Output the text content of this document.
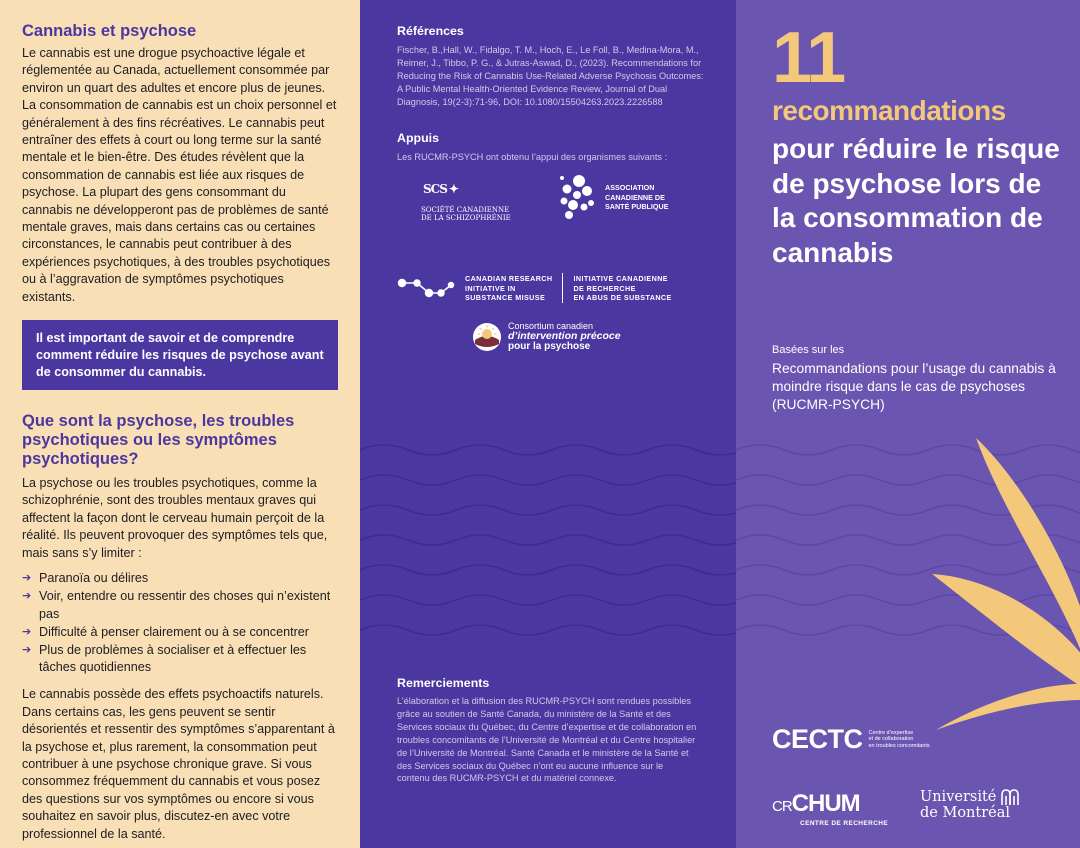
Cannabis et psychose

Le cannabis est une drogue psychoactive légale et réglementée au Canada, actuellement consommée par environ un quart des adultes et encore plus de jeunes. La consommation de cannabis est un choix personnel et généralement à des fins récréatives. Le cannabis peut entraîner des effets à court ou long terme sur la santé mentale et le bien-être. Des études révèlent que la consommation de cannabis est liée aux risques de psychose. La plupart des gens consommant du cannabis ne développeront pas de problèmes de santé mentale graves, mais dans certains cas ou certaines circonstances, le cannabis peut contribuer à des expériences psychotiques, à des troubles psychotiques ou à l’aggravation de symptômes psychotiques existants.

Il est important de savoir et de comprendre comment réduire les risques de psychose avant de consommer du cannabis.
Que sont la psychose, les troubles psychotiques ou les symptômes psychotiques?

La psychose ou les troubles psychotiques, comme la schizophrénie, sont des troubles mentaux graves qui affectent la façon dont le cerveau humain perçoit de la réalité. Ils peuvent provoquer des symptômes tels que, mais sans s’y limiter :

➔ Paranoïa ou délires
➔ Voir, entendre ou ressentir des choses qui n’existent pas
➔ Difficulté à penser clairement ou à se concentrer
➔ Plus de problèmes à socialiser et à effectuer les tâches quotidiennes

Le cannabis possède des effets psychoactifs naturels. Dans certains cas, les gens peuvent se sentir désorientés et ressentir des symptômes s’apparentant à la psychose et, plus rarement, la consommation peut contribuer à une psychose chronique grave. Si vous consommez fréquemment du cannabis et vous posez des questions sur vos symptômes ou encore si vous souhaitez en savoir plus, discutez-en avec votre professionnel de la santé.

Références

Fischer, B.,Hall, W., Fidalgo, T. M., Hoch, E., Le Foll, B., Medina-Mora, M., Reimer, J., Tibbo, P. G., & Jutras-Aswad, D., (2023). Recommendations for Reducing the Risk of Cannabis Use-Related Adverse Psychosis Outcomes: A Public Mental Health-Oriented Evidence Review, Journal of Dual Diagnosis, 19(2-3):71-96, DOI: 10.1080/15504263.2023.2226588

Appuis

Les RUCMR-PSYCH ont obtenu l’appui des organismes suivants :

$^{SCS}$ ✦
SOCIÉTÉ CANADIENNE
DE LA SCHIZOPHRÉNIE
ASSOCIATION
CANADIENNE DE
SANTÉ PUBLIQUE
CANADIAN RESEARCH
INITIATIVE IN
SUBSTANCE MISUSE
INITIATIVE CANADIENNE
DE RECHERCHE
EN ABUS DE SUBSTANCE
Consortium canadien
d’intervention précoce
pour la psychose
Remerciements

L’élaboration et la diffusion des RUCMR-PSYCH sont rendues possibles grâce au soutien de Santé Canada, du ministère de la Santé et des Services sociaux du Québec, du Centre d’expertise et de collaboration en troubles concomitants de l’Université de Montréal et du Centre hospitalier de l’Université de Montréal. Santé Canada et le ministère de la Santé et des Services sociaux du Québec n’ont eu aucune influence sur le contenu des RUCMR-PSYCH et du matériel connexe.

11
recommandations
pour réduire le risque de psychose lors de la consommation de cannabis
Basées sur les
Recommandations pour l’usage du cannabis à moindre risque dans le cas de psychoses (RUCMR-PSYCH)
CECTC Centre d’expertise
et de collaboration
en troubles concomitants
CRCHUM
CENTRE DE RECHERCHE
Université
de Montréal
